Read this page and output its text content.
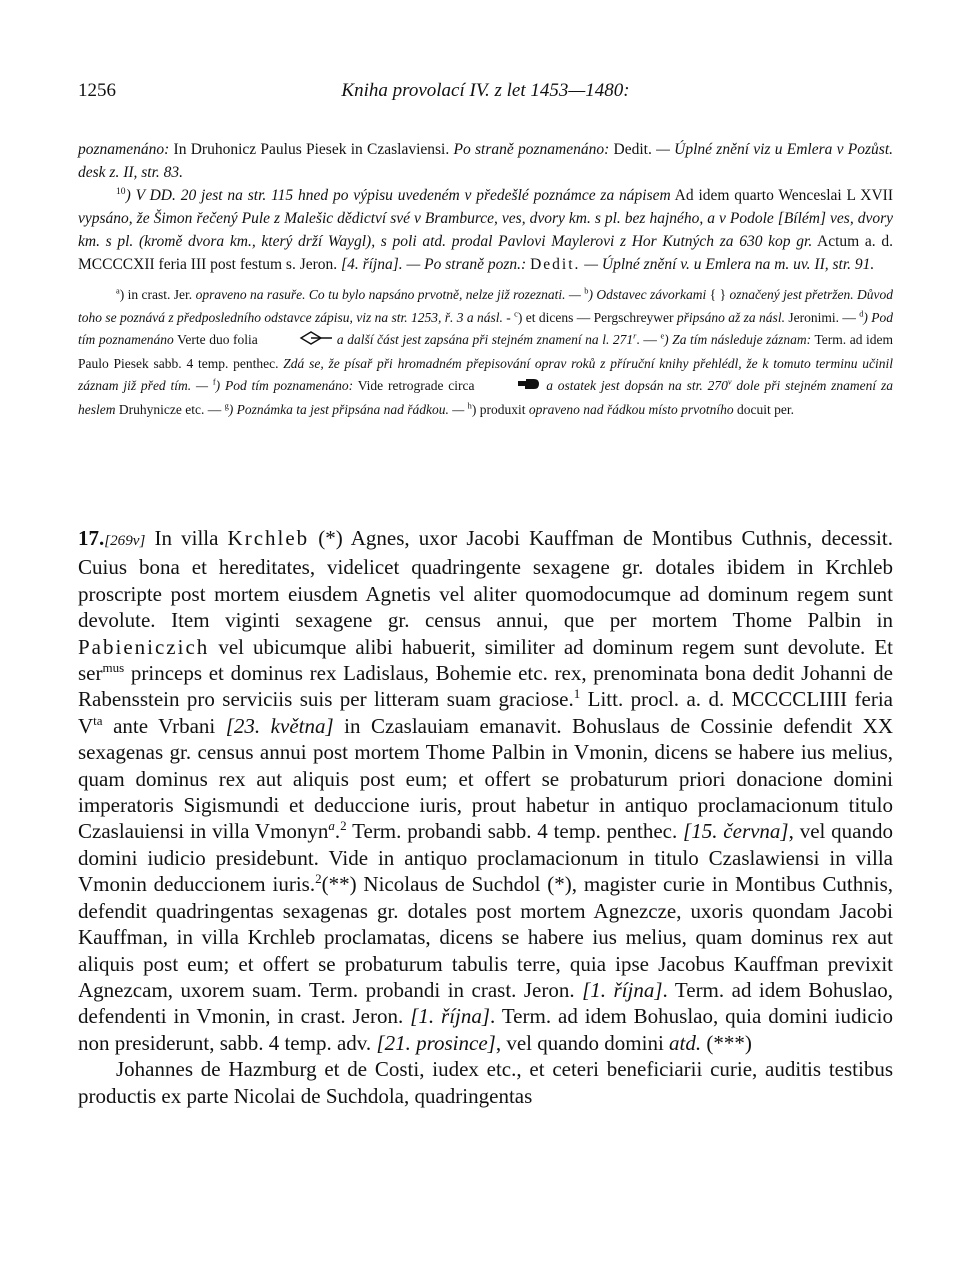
1256	Kniha provolací IV. z let 1453—1480:

poznamenáno: In Druhonicz Paulus Piesek in Czaslaviensi. Po straně poznamenáno: Dedit. — Úplné znění viz u Emlera v Pozůst. desk z. II, str. 83.

$^{10}$) V DD. 20 jest na str. 115 hned po výpisu uvedeném v předešlé poznámce za nápisem Ad idem quarto Wenceslai L XVII vypsáno, že Šimon řečený Pule z Malešic dědictví své v Bramburce, ves, dvory km. s pl. bez hajného, a v Podole [Bílém] ves, dvory km. s pl. (kromě dvora km., který drží Waygl), s poli atd. prodal Pavlovi Maylerovi z Hor Kutných za 630 kop gr. Actum a. d. MCCCCXII feria III post festum s. Jeron. [4. října]. — Po straně pozn.: Dedit. — Úplné znění v. u Emlera na m. uv. II, str. 91.

$^a$) in crast. Jer. opraveno na rasuře. Co tu bylo napsáno prvotně, nelze již rozeznati. — $^b$) Odstavec závorkami { } označený jest přetržen. Důvod toho se poznává z předposledního odstavce zápisu, viz na str. 1253, ř. 3 a násl. - $^c$) et dicens — Pergschreywer připsáno až za násl. Jeronimi. — $^d$) Pod tím poznamenáno Verte duo folia	a další část jest zapsána při stejném znamení na l. 271$^r$. — $^e$) Za tím následuje záznam: Term. ad idem Paulo Piesek sabb. 4 temp. penthec. Zdá se, že písař při hromadném přepisování oprav roků z příruční knihy přehlédl, že k tomuto terminu učinil záznam již před tím. — $^f$) Pod tím poznamenáno: Vide retrograde circa	a ostatek jest dopsán na str. 270$^v$ dole při stejném znamení za heslem Druhynicze etc. — $^g$) Poznámka ta jest připsána nad řádkou. — $^h$) produxit opraveno nad řádkou místo prvotního docuit per.

17.[269v] In villa Krchleb (*) Agnes, uxor Jacobi Kauffman de Montibus Cuthnis, decessit. Cuius bona et hereditates, videlicet quadringente sexagene gr. dotales ibidem in Krchleb proscripte post mortem eiusdem Agnetis vel aliter quomodocumque ad dominum regem sunt devolute. Item viginti sexagene gr. census annui, que per mortem Thome Palbin in Pabieniczich vel ubicumque alibi habuerit, similiter ad dominum regem sunt devolute. Et ser$^{mus}$ princeps et dominus rex Ladislaus, Bohemie etc. rex, prenominata bona dedit Johanni de Rabensstein pro serviciis suis per litteram suam graciose.$^1$ Litt. procl. a. d. MCCCCLIIII feria $V^{ta}$ ante Vrbani [23. května] in Czaslauiam emanavit. Bohuslaus de Cossinie defendit XX sexagenas gr. census annui post mortem Thome Palbin in Vmonin, dicens se habere ius melius, quam dominus rex aut aliquis post eum; et offert se probaturum priori donacione domini imperatoris Sigismundi et deduccione iuris, prout habetur in antiquo proclamacionum titulo Czaslauiensi in villa Vmonyn$^a$.$^2$ Term. probandi sabb. 4 temp. penthec. [15. června], vel quando domini iudicio presidebunt. Vide in antiquo proclamacionum in titulo Czaslawiensi in villa Vmonin deduccionem iuris.$^2$(**) Nicolaus de Suchdol (*), magister curie in Montibus Cuthnis, defendit quadringentas sexagenas gr. dotales post mortem Agnezcze, uxoris quondam Jacobi Kauffman, in villa Krchleb proclamatas, dicens se habere ius melius, quam dominus rex aut aliquis post eum; et offert se probaturum tabulis terre, quia ipse Jacobus Kauffman previxit Agnezcam, uxorem suam. Term. probandi in crast. Jeron. [1. října]. Term. ad idem Bohuslao, defendenti in Vmonin, in crast. Jeron. [1. října]. Term. ad idem Bohuslao, quia domini iudicio non presiderunt, sabb. 4 temp. adv. [21. prosince], vel quando domini atd. (***)

Johannes de Hazmburg et de Costi, iudex etc., et ceteri beneficiarii curie, auditis testibus productis ex parte Nicolai de Suchdola, quadringentas
